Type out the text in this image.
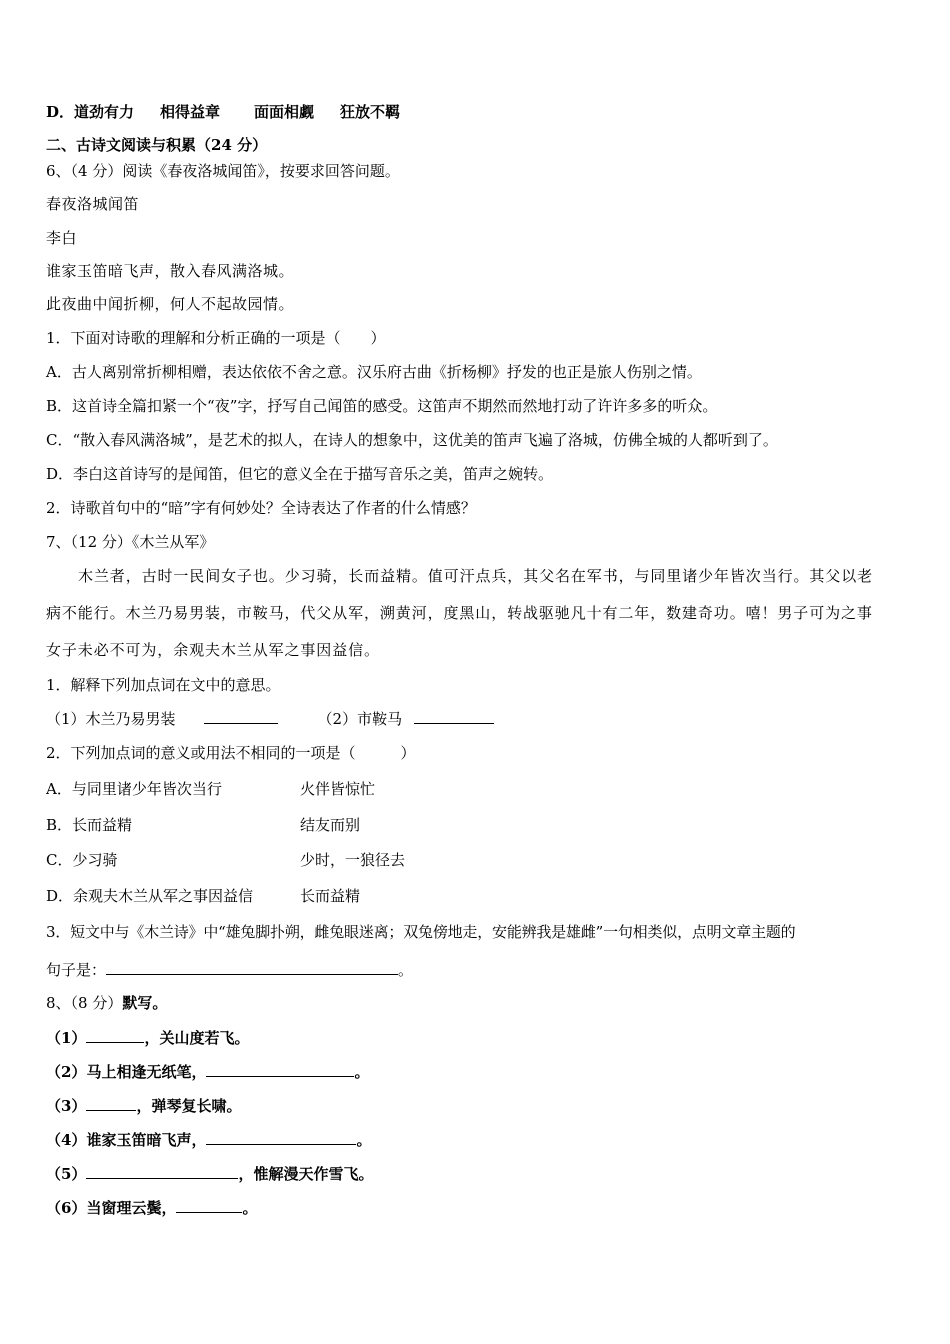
D．道劲有力 相得益章 面面相觑 狂放不羁
二、古诗文阅读与积累（24 分）
6、（4 分）阅读《春夜洛城闻笛》，按要求回答问题。
春夜洛城闻笛
李白
谁家玉笛暗飞声，散入春风满洛城。
此夜曲中闻折柳，何人不起故园情。
1．下面对诗歌的理解和分析正确的一项是（　　）
A．古人离别常折柳相赠，表达依依不舍之意。汉乐府古曲《折杨柳》抒发的也正是旅人伤别之情。
B．这首诗全篇扣紧一个“夜”字，抒写自己闻笛的感受。这笛声不期然而然地打动了许许多多的听众。
C．“散入春风满洛城”，是艺术的拟人，在诗人的想象中，这优美的笛声飞遍了洛城，仿佛全城的人都听到了。
D．李白这首诗写的是闻笛，但它的意义全在于描写音乐之美，笛声之婉转。
2．诗歌首句中的“暗”字有何妙处？全诗表达了作者的什么情感？
7、（12 分）《木兰从军》
木兰者，古时一民间女子也。少习骑，长而益精。值可汗点兵，其父名在军书，与同里诸少年皆次当行。其父以老
病不能行。木兰乃易男装，市鞍马，代父从军，溯黄河，度黑山，转战驱驰凡十有二年，数建奇功。嘻！男子可为之事
女子未必不可为，余观夫木兰从军之事因益信。
1．解释下列加点词在文中的意思。
（1）木兰乃易男装	（2）市鞍马
2．下列加点词的意义或用法不相同的一项是（　　　）
A．与同里诸少年皆次当行	火伴皆惊忙
B．长而益精	结友而别
C．少习骑	少时，一狼径去
D．余观夫木兰从军之事因益信	长而益精
3．短文中与《木兰诗》中“雄兔脚扑朔，雌兔眼迷离；双兔傍地走，安能辨我是雄雌”一句相类似，点明文章主题的
句子是：	。
8、（8 分）默写。
（1）	，关山度若飞。
（2）马上相逢无纸笔，	。
（3）	，弹琴复长啸。
（4）谁家玉笛暗飞声，	。
（5）	，惟解漫天作雪飞。
（6）当窗理云鬓，	。
